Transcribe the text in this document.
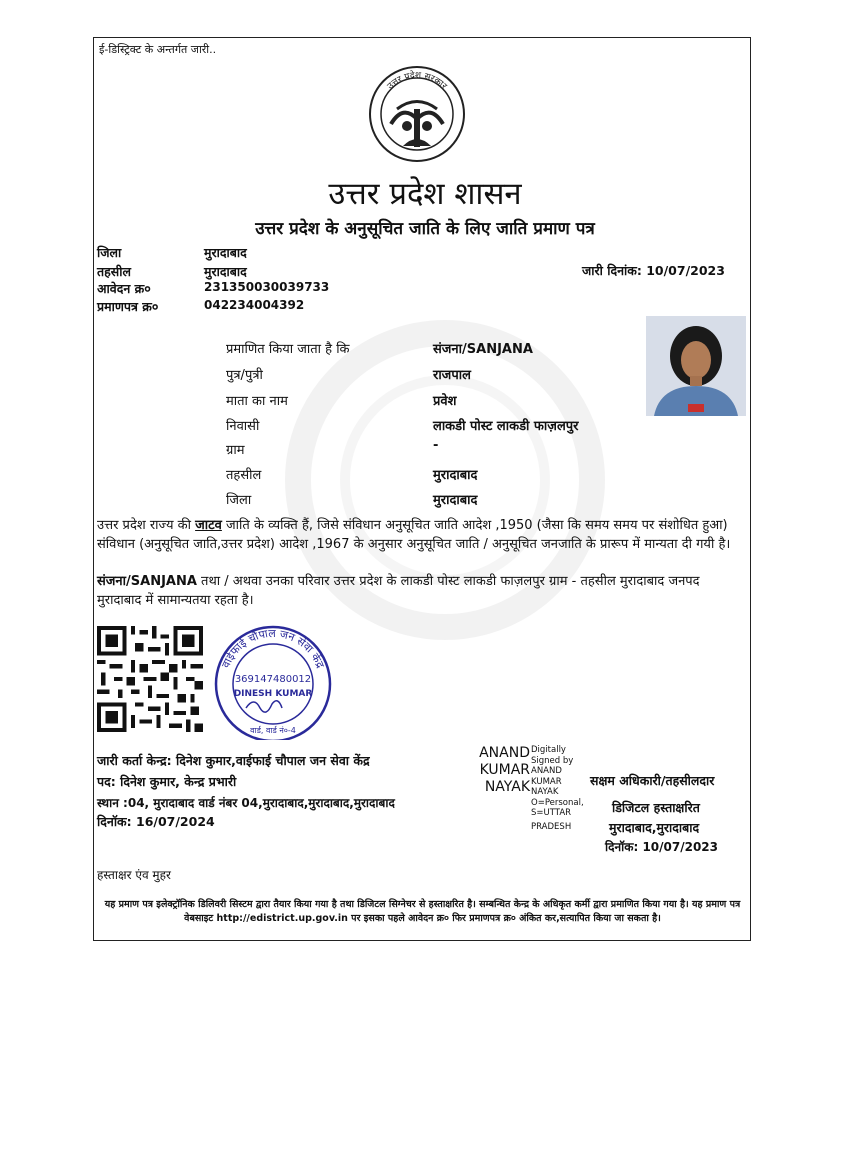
ई-डिस्ट्रिक्ट के अन्तर्गत जारी..
उत्तर प्रदेश सरकार
उत्तर प्रदेश शासन
उत्तर प्रदेश के अनुसूचित जाति के लिए जाति प्रमाण पत्र
जिला	मुरादाबाद
तहसील	मुरादाबाद
आवेदन क्र०	231350030039733
प्रमाणपत्र क्र०	042234004392
जारी दिनांक: 10/07/2023
प्रमाणित किया जाता है कि	संजना/SANJANA
पुत्र/पुत्री	राजपाल
माता का नाम	प्रवेश
निवासी	लाकडी पोस्ट लाकडी फाज़लपुर
ग्राम	-
तहसील	मुरादाबाद
जिला	मुरादाबाद
उत्तर प्रदेश राज्य की जाटव जाति के व्यक्ति हैं, जिसे संविधान अनुसूचित जाति आदेश ,1950 (जैसा कि समय समय पर संशोधित हुआ) संविधान (अनुसूचित जाति,उत्तर प्रदेश) आदेश ,1967 के अनुसार अनुसूचित जाति / अनुसूचित जनजाति के प्रारूप में मान्यता दी गयी है।
संजना/SANJANA तथा / अथवा उनका परिवार उत्तर प्रदेश के लाकडी पोस्ट लाकडी फाज़लपुर ग्राम - तहसील मुरादाबाद जनपद मुरादाबाद में सामान्यतया रहता है।
वाईफाई चौपाल जन सेवा केंद्र
369147480012
DINESH KUMAR
वार्ड, वार्ड नं०-4
जारी कर्ता केन्द्र: दिनेश कुमार,वाईफाई चौपाल जन सेवा केंद्र
पद: दिनेश कुमार, केन्द्र प्रभारी
स्थान :04, मुरादाबाद वार्ड नंबर 04,मुरादाबाद,मुरादाबाद,मुरादाबाद
दिनॉक: 16/07/2024
ANAND
KUMAR
NAYAK
Digitally
Signed by
ANAND
KUMAR
NAYAK
O=Personal,
S=UTTAR
PRADESH
सक्षम अधिकारी/तहसीलदार
डिजिटल हस्ताक्षरित
मुरादाबाद,मुरादाबाद
दिनॉक: 10/07/2023
हस्ताक्षर एंव मुहर
यह प्रमाण पत्र इलेक्ट्रॉनिक डिलिवरी सिस्टम द्वारा तैयार किया गया है तथा डिजिटल सिग्नेचर से हस्ताक्षरित है। सम्बन्धित केन्द्र के अधिकृत कर्मी द्वारा प्रमाणित किया गया है। यह प्रमाण पत्र वेबसाइट http://edistrict.up.gov.in पर इसका पहले आवेदन क्र० फिर प्रमाणपत्र क्र० अंकित कर,सत्यापित किया जा सकता है।
